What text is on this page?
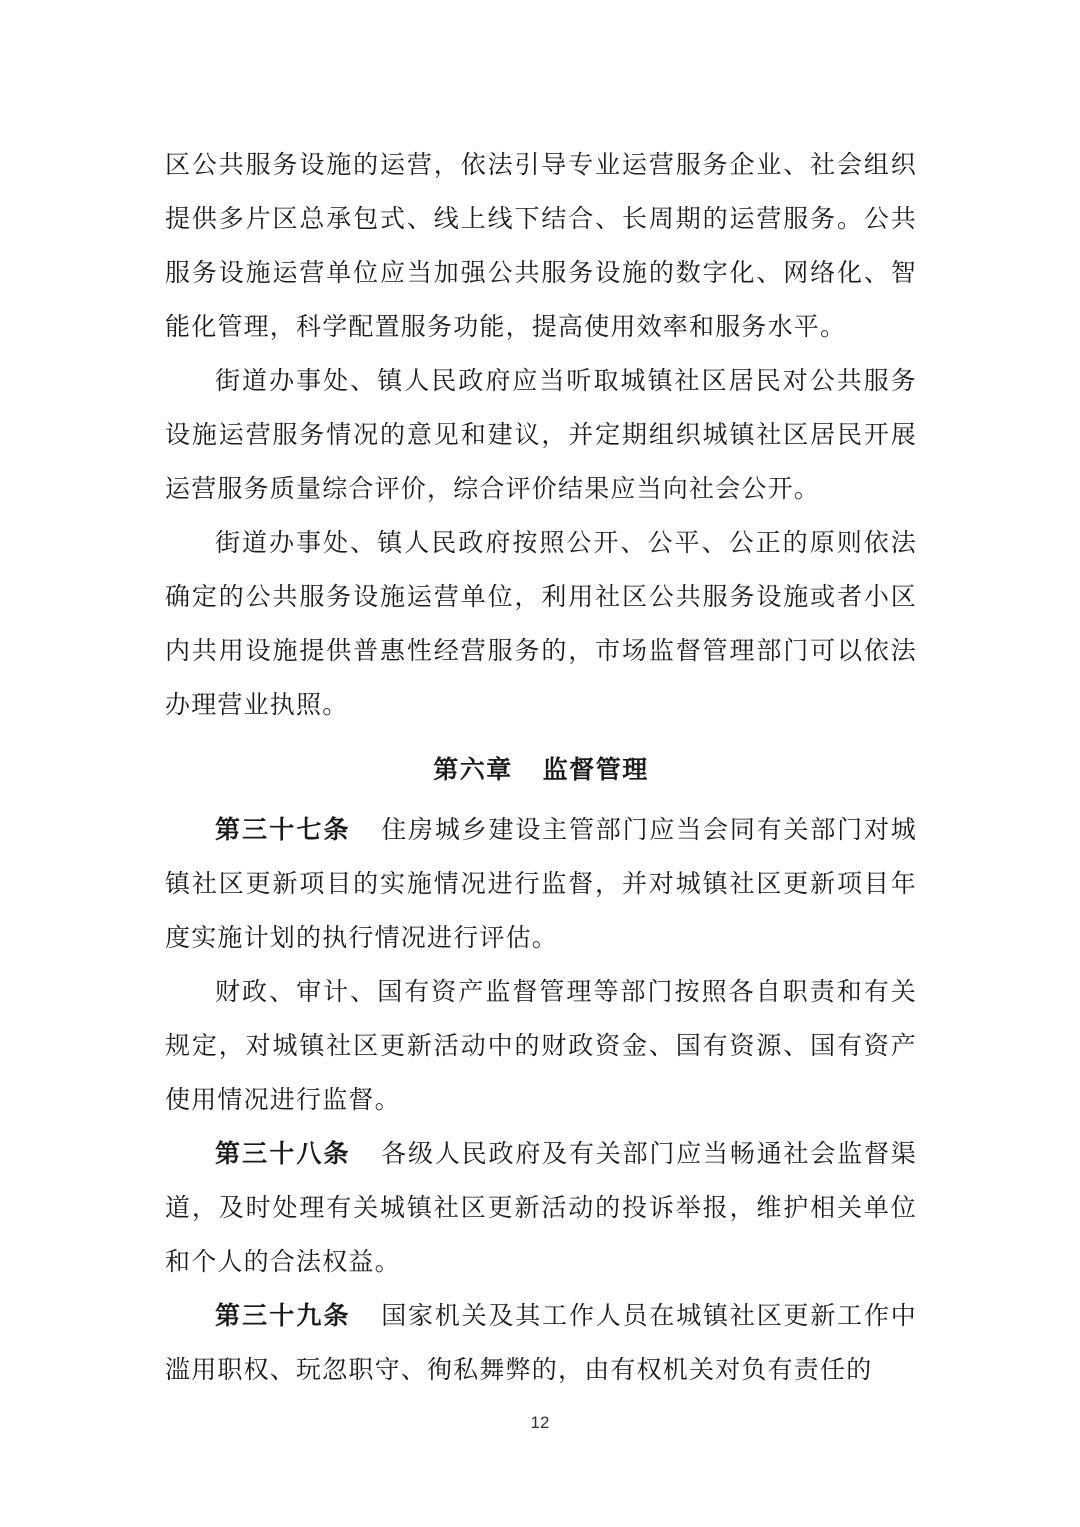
区公共服务设施的运营，依法引导专业运营服务企业、社会组织提供多片区总承包式、线上线下结合、长周期的运营服务。公共服务设施运营单位应当加强公共服务设施的数字化、网络化、智能化管理，科学配置服务功能，提高使用效率和服务水平。

街道办事处、镇人民政府应当听取城镇社区居民对公共服务设施运营服务情况的意见和建议，并定期组织城镇社区居民开展运营服务质量综合评价，综合评价结果应当向社会公开。

街道办事处、镇人民政府按照公开、公平、公正的原则依法确定的公共服务设施运营单位，利用社区公共服务设施或者小区内共用设施提供普惠性经营服务的，市场监督管理部门可以依法办理营业执照。

第六章 监督管理

第三十七条 住房城乡建设主管部门应当会同有关部门对城镇社区更新项目的实施情况进行监督，并对城镇社区更新项目年度实施计划的执行情况进行评估。

财政、审计、国有资产监督管理等部门按照各自职责和有关规定，对城镇社区更新活动中的财政资金、国有资源、国有资产使用情况进行监督。

第三十八条 各级人民政府及有关部门应当畅通社会监督渠道，及时处理有关城镇社区更新活动的投诉举报，维护相关单位和个人的合法权益。

第三十九条 国家机关及其工作人员在城镇社区更新工作中滥用职权、玩忽职守、徇私舞弊的，由有权机关对负有责任的

12
